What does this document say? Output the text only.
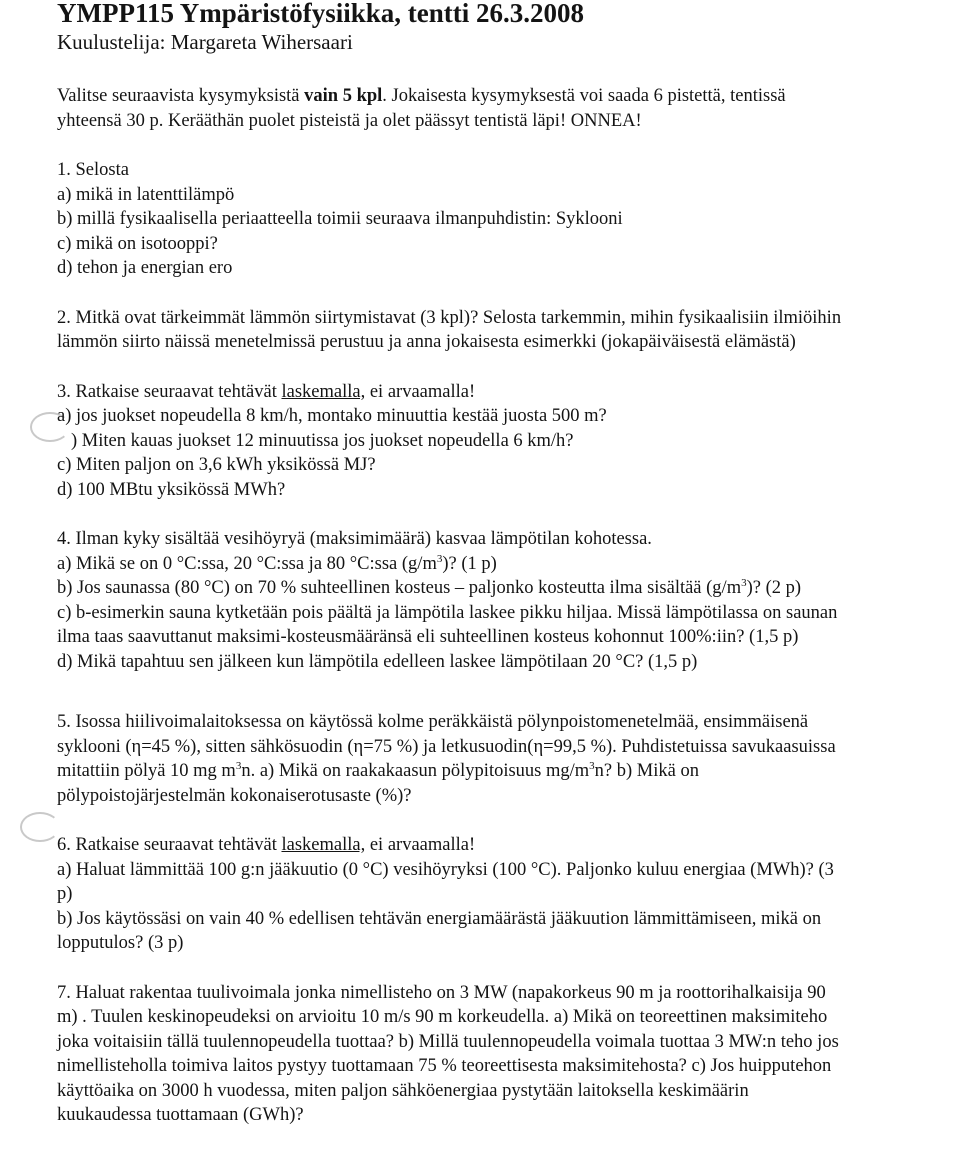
YMPP115 Ympäristöfysiikka, tentti 26.3.2008
Kuulustelija: Margareta Wihersaari
Valitse seuraavista kysymyksistä vain 5 kpl. Jokaisesta kysymyksestä voi saada 6 pistettä, tentissä
yhteensä 30 p. Kerääthän puolet pisteistä ja olet päässyt tentistä läpi! ONNEA!
1. Selosta
a) mikä in latenttilämpö
b) millä fysikaalisella periaatteella toimii seuraava ilmanpuhdistin: Syklooni
c) mikä on isotooppi?
d) tehon ja energian ero
2. Mitkä ovat tärkeimmät lämmön siirtymistavat (3 kpl)? Selosta tarkemmin, mihin fysikaalisiin ilmiöihin
lämmön siirto näissä menetelmissä perustuu ja anna jokaisesta esimerkki (jokapäiväisestä elämästä)
3. Ratkaise seuraavat tehtävät laskemalla, ei arvaamalla!
a) jos juokset nopeudella 8 km/h, montako minuuttia kestää juosta 500 m?
) Miten kauas juokset 12 minuutissa jos juokset nopeudella 6 km/h?
c) Miten paljon on 3,6 kWh yksikössä MJ?
d) 100 MBtu yksikössä MWh?
4. Ilman kyky sisältää vesihöyryä (maksimimäärä) kasvaa lämpötilan kohotessa.
a) Mikä se on 0 °C:ssa, 20 °C:ssa ja 80 °C:ssa $(g/m^3)$? (1 p)
b) Jos saunassa (80 °C) on 70 % suhteellinen kosteus – paljonko kosteutta ilma sisältää $(g/m^3)$? (2 p)
c) b-esimerkin sauna kytketään pois päältä ja lämpötila laskee pikku hiljaa. Missä lämpötilassa on saunan
ilma taas saavuttanut maksimi-kosteusmääränsä eli suhteellinen kosteus kohonnut 100%:iin? (1,5 p)
d) Mikä tapahtuu sen jälkeen kun lämpötila edelleen laskee lämpötilaan 20 °C? (1,5 p)
5. Isossa hiilivoimalaitoksessa on käytössä kolme peräkkäistä pölynpoistomenetelmää, ensimmäisenä
syklooni (η=45 %), sitten sähkösuodin (η=75 %) ja letkusuodin(η=99,5 %). Puhdistetuissa savukaasuissa
mitattiin pölyä 10 mg $m^3n$. a) Mikä on raakakaasun pölypitoisuus $mg/m^3n$? b) Mikä on
pölypoistojärjestelmän kokonaiserotusaste (%)?
6. Ratkaise seuraavat tehtävät laskemalla, ei arvaamalla!
a) Haluat lämmittää 100 g:n jääkuutio (0 °C) vesihöyryksi (100 °C). Paljonko kuluu energiaa (MWh)? (3
p)
b) Jos käytössäsi on vain 40 % edellisen tehtävän energiamäärästä jääkuution lämmittämiseen, mikä on
lopputulos? (3 p)
7. Haluat rakentaa tuulivoimala jonka nimellisteho on 3 MW (napakorkeus 90 m ja roottorihalkaisija 90
m) . Tuulen keskinopeudeksi on arvioitu 10 m/s 90 m korkeudella. a) Mikä on teoreettinen maksimiteho
joka voitaisiin tällä tuulennopeudella tuottaa? b) Millä tuulennopeudella voimala tuottaa 3 MW:n teho jos
nimellisteholla toimiva laitos pystyy tuottamaan 75 % teoreettisesta maksimitehosta? c) Jos huipputehon
käyttöaika on 3000 h vuodessa, miten paljon sähköenergiaa pystytään laitoksella keskimäärin
kuukaudessa tuottamaan (GWh)?
